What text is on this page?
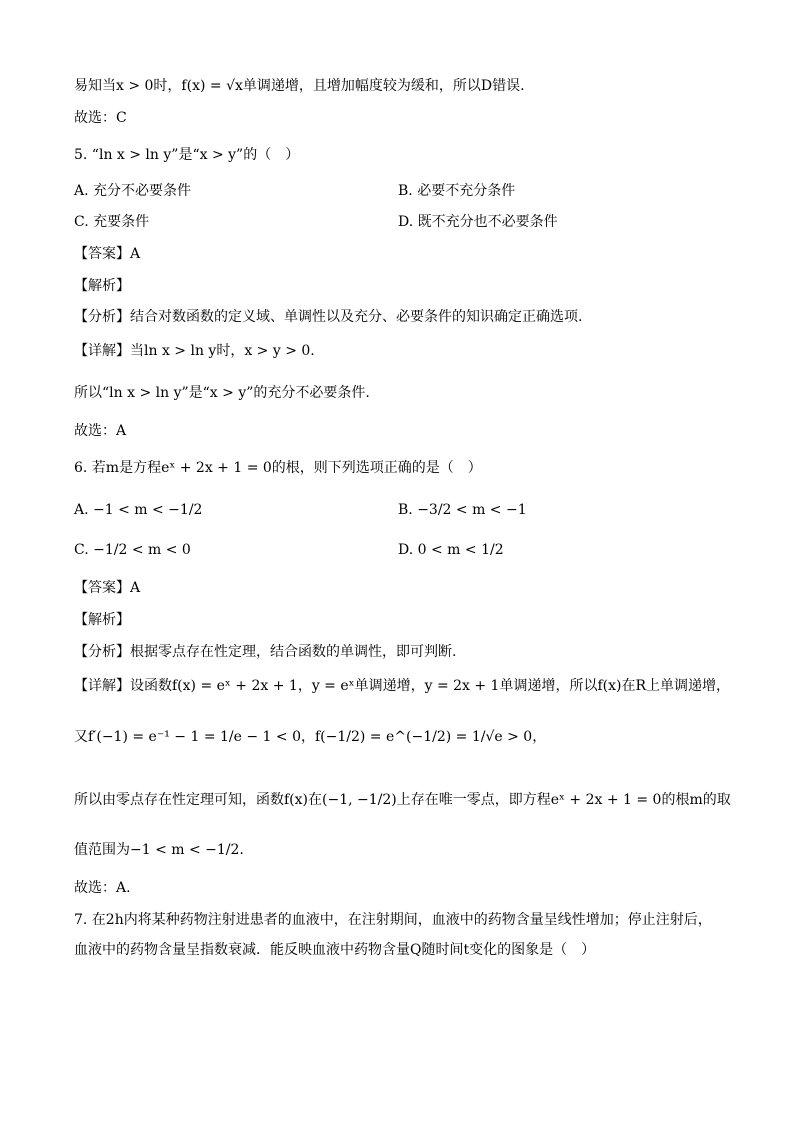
易知当x > 0时，f(x) = √x单调递增，且增加幅度较为缓和，所以D错误.
故选：C
5. “ln x > ln y”是“x > y”的（　）
A. 充分不必要条件	B. 必要不充分条件
C. 充要条件	D. 既不充分也不必要条件
【答案】A
【解析】
【分析】结合对数函数的定义域、单调性以及充分、必要条件的知识确定正确选项.
【详解】当ln x > ln y时，x > y > 0.
所以“ln x > ln y”是“x > y”的充分不必要条件.
故选：A
6. 若m是方程eˣ + 2x + 1 = 0的根，则下列选项正确的是（　）
A. −1 < m < −1/2	B. −3/2 < m < −1
C. −1/2 < m < 0	D. 0 < m < 1/2
【答案】A
【解析】
【分析】根据零点存在性定理，结合函数的单调性，即可判断.
【详解】设函数f(x) = eˣ + 2x + 1，y = eˣ单调递增，y = 2x + 1单调递增，所以f(x)在R上单调递增，
又f′(−1) = e⁻¹ − 1 = 1/e − 1 < 0，f(−1/2) = e^(−1/2) = 1/√e > 0，
所以由零点存在性定理可知，函数f(x)在(−1, −1/2)上存在唯一零点，即方程eˣ + 2x + 1 = 0的根m的取
值范围为−1 < m < −1/2.
故选：A.
7. 在2h内将某种药物注射进患者的血液中，在注射期间，血液中的药物含量呈线性增加；停止注射后，
血液中的药物含量呈指数衰减．能反映血液中药物含量Q随时间t变化的图象是（　）
